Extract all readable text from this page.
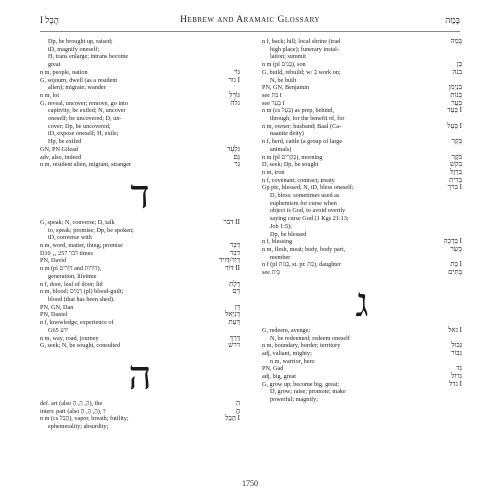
הֶבֶל I	Hebrew and Aramaic Glossary	בָּמָה
Dp, be brought up, raised;
tD, magnify oneself;
H, trans enlarge; intrans become
great
n m, people, nation	גּוֹי
G, sojourn, dwell (as a resident	גור I
alien); migrate; wander
n m, lot	גּוֹרָל
G, reveal, uncover; remove, go into	גלה
captivity, be exiled; N, uncover
oneself; be uncovered; D, un-
cover; Dp, be uncovered;
tD, expose oneself; H, exile;
Hp, be exiled
GN, PN Gilead	גִּלְעָד
adv, also, indeed	גַּם
n m, resident alien, migrant, stranger	גֵּר
ד
G, speak; N, converse; D, talk	דבר II
to, speak; promise; Dp, be spoken;
tD, converse with
n m, word, matter, thing; promise	דָּבָר
D10 ₃₂ דבר 257 times	דבר
PN, David	דָּוִד/דָּוִיד
n m (pl דּוֹרִים and דּוֹרוֹת),	דּוֹר II
generation, lifetime
n f, door, leaf of door; lid	דֶּלֶת
n m, blood; דָּמִים (pl) blood-guilt;	דָּם
blood (that has been shed).
PN, GN, Dan	דָּן
PN, Daniel	דָּנִיֵּאל
n f, knowledge, experience of	דַּעַת
G65 ידע
n m, way, road, journey	דֶּרֶךְ
G, seek; N, be sought, consulted	דרשׁ
ה
def. art (also הַ, הָ, הֶ), the	הַ
interr. part (also הַ, הֲ, הֶ), ?	הֲ
n m (cs הֲבֵל), vapor, breath; futility;	הֶבֶל I
ephemerality; absurdity;
n f, back; hill; local shrine (trad	בָּמָה
high place); funerary instal-
lation; summit
n m (pl בָּנִים), son	בֵּן
G, build, rebuild; w/ בְּ work on;	בנה
N, be built
PN, GN, Benjamin	בִּנְיָמִן
see בַּת I	בָּנוֹת
see בַּעַר I	בַּעַר
n m (cs בַּעַל) as prep, behind,	בַּעַד I
through, for the benefit of, for
n m, owner; husband; Baal (Ca-	בַּעַל I
naanite deity)
n f, herd, cattle (a group of large	בָּקָר
animals)
n m (pl בְּקָרִים), morning	בֹּקֶר
D, seek; Dp, be sought	בקשׁ
n m, iron	בַּרְזֶל
n f, covenant; contract; treaty	בְּרִית
Gp ptc, blessed; N, tD, bless oneself;	ברך I
D, bless: sometimes used as
euphemism for curse when
object is God, to avoid overtly
saying curse God (1 Kgs 21:13;
Job 1:5);
Dp, be blessed
n f, blessing	בְּרָכָה I
n m, flesh, meat; body, body part,	בָּשָׂר
member
n f (pl בָּנוֹת, st. pr. בַּת), daughter	בַּת I
see בַּיִת	בָּתִּים
ג
G, redeem, avenge;	גאל I
N, be redeemed; redeem oneself
n m, boundary, border; territory	גְּבוּל
adj, valiant, mighty;	גִּבּוֹר
n m, warrior, hero
PN, Gad	גָּד
adj, big, great	גָּדוֹל
G, grow up; become big, great;	גדל I
D, grow; raise; promote; make
powerful; magnify;
1750
